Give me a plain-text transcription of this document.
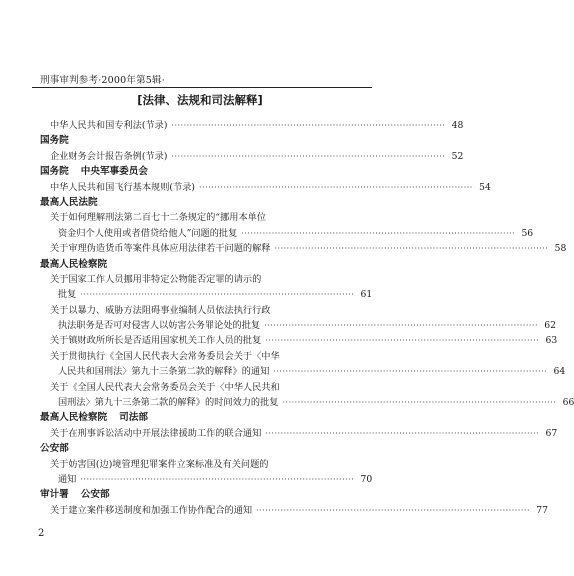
刑事审判参考·2000年第5辑·
[法律、法规和司法解释]
中华人民共和国专利法(节录) ·························································································· 48
国务院
企业财务会计报告条例(节录) ·························································································· 52
国务院 中央军事委员会
中华人民共和国飞行基本规则(节录) ·························································································· 54
最高人民法院
关于如何理解刑法第二百七十二条规定的“挪用本单位
资金归个人使用或者借贷给他人”问题的批复 ·························································································· 56
关于审理伪造货币等案件具体应用法律若干问题的解释 ·························································································· 58
最高人民检察院
关于国家工作人员挪用非特定公物能否定罪的请示的
批复 ·························································································· 61
关于以暴力、威胁方法阻碍事业编制人员依法执行行政
执法职务是否可对侵害人以妨害公务罪论处的批复 ·························································································· 62
关于镇财政所所长是否适用国家机关工作人员的批复 ·························································································· 63
关于贯彻执行《全国人民代表大会常务委员会关于〈中华
人民共和国刑法〉第九十三条第二款的解释》的通知 ·························································································· 64
关于《全国人民代表大会常务委员会关于〈中华人民共和
国刑法〉第九十三条第二款的解释》的时间效力的批复 ·························································································· 66
最高人民检察院 司法部
关于在刑事诉讼活动中开展法律援助工作的联合通知 ·························································································· 67
公安部
关于妨害国(边)境管理犯罪案件立案标准及有关问题的
通知 ·························································································· 70
审计署 公安部
关于建立案件移送制度和加强工作协作配合的通知 ·························································································· 77
2
